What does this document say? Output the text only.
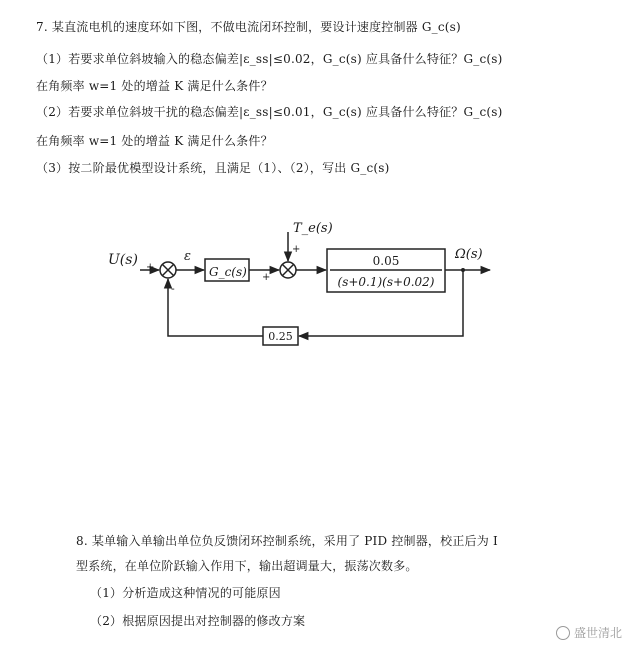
7. 某直流电机的速度环如下图，不做电流闭环控制，要设计速度控制器 G_c(s)
（1）若要求单位斜坡输入的稳态偏差|ε_ss|≤0.02，G_c(s) 应具备什么特征？G_c(s)
在角频率 w=1 处的增益 K 满足什么条件？
（2）若要求单位斜坡干扰的稳态偏差|ε_ss|≤0.01，G_c(s) 应具备什么特征？G_c(s)
在角频率 w=1 处的增益 K 满足什么条件？
（3）按二阶最优模型设计系统，且满足（1）、（2），写出 G_c(s)
U(s) +
-
ε
G_c(s) +
T_e(s)
+
0.05
(s+0.1)(s+0.02)
Ω(s)
0.25
8. 某单输入单输出单位负反馈闭环控制系统，采用了 PID 控制器，校正后为 I
型系统，在单位阶跃输入作用下，输出超调量大，振荡次数多。
（1）分析造成这种情况的可能原因
（2）根据原因提出对控制器的修改方案
盛世清北
